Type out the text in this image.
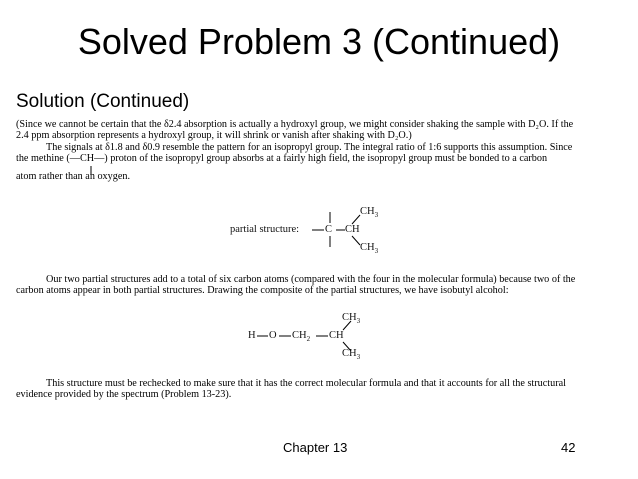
Solved Problem 3 (Continued)
Solution (Continued)

(Since we cannot be certain that the δ2.4 absorption is actually a hydroxyl group, we might consider shaking the sample with D₂O. If the

2.4 ppm absorption represents a hydroxyl group, it will shrink or vanish after shaking with D₂O.)

The signals at δ1.8 and δ0.9 resemble the pattern for an isopropyl group. The integral ratio of 1:6 supports this assumption. Since

the methine (—CH—) proton of the isopropyl group absorbs at a fairly high field, the isopropyl group must be bonded to a carbon

atom rather than an oxygen.

partial structure: C CH
$CH_3$
$CH_3$

Our two partial structures add to a total of six carbon atoms (compared with the four in the molecular formula) because two of the

carbon atoms appear in both partial structures. Drawing the composite of the partial structures, we have isobutyl alcohol:

H O $CH_2$ CH
$CH_3$
$CH_3$

This structure must be rechecked to make sure that it has the correct molecular formula and that it accounts for all the structural

evidence provided by the spectrum (Problem 13-23).

Chapter 13	42
